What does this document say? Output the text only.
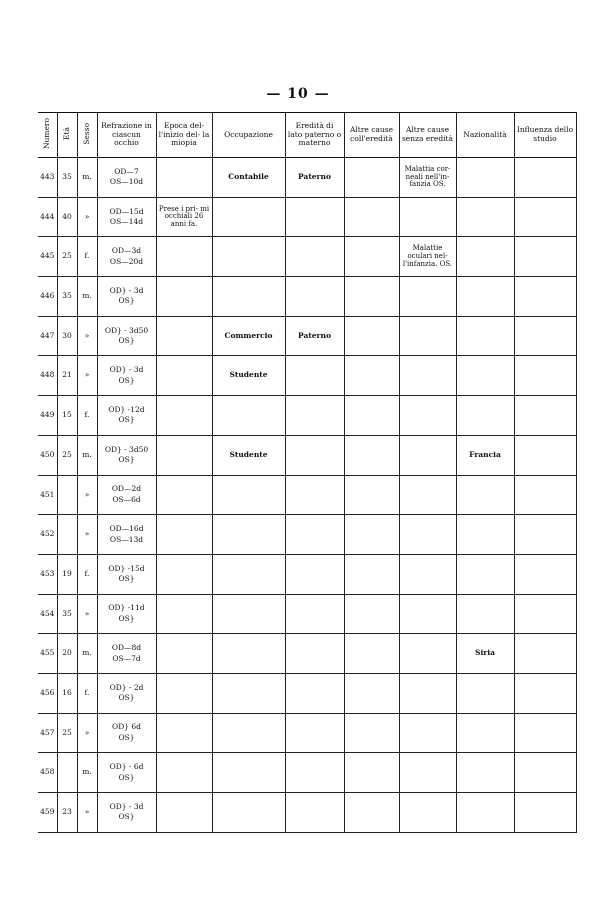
— 10 —
Numero	Età	Sesso	Refrazione in ciascun occhio	Epoca del- l'inizio del- la miopia	Occupazione	Eredità di lato paterno o materno	Altre cause coll'eredità	Altre cause senza eredità	Nazionalità	Influenza dello studio
443	35	m.	OD—7
OS—10d		Contabile	Paterno		Malattia cor- neali nell'in- fanzia OS.		
444	40	»	OD—15d
OS—14d	Prese i pri- mi occhiali 26 anni fa.						
445	25	f.	OD—3d
OS—20d					Malattie oculari nel- l'infanzia. OS.		
446	35	m.	OD} - 3d
OS}							

447	30	»	OD} - 3d50
OS}		Commercio	Paterno				
448	21	»	OD} - 3d
OS}		Studente					
449	15	f.	OD} -12d
OS}							

450	25	m.	OD} - 3d50
OS}		Studente				Francia	
451		»	OD—2d
OS—6d							

452		»	OD—16d
OS—13d							

453	19	f.	OD} -15d
OS}							

454	35	»	OD} -11d
OS}							

455	20	m.	OD—8d
OS—7d						Siria	
456	16	f.	OD} - 2d
OS}							

457	25	»	OD} 6d
OS}							

458		m.	OD} - 6d
OS}							

459	23	»	OD} - 3d
OS}							
